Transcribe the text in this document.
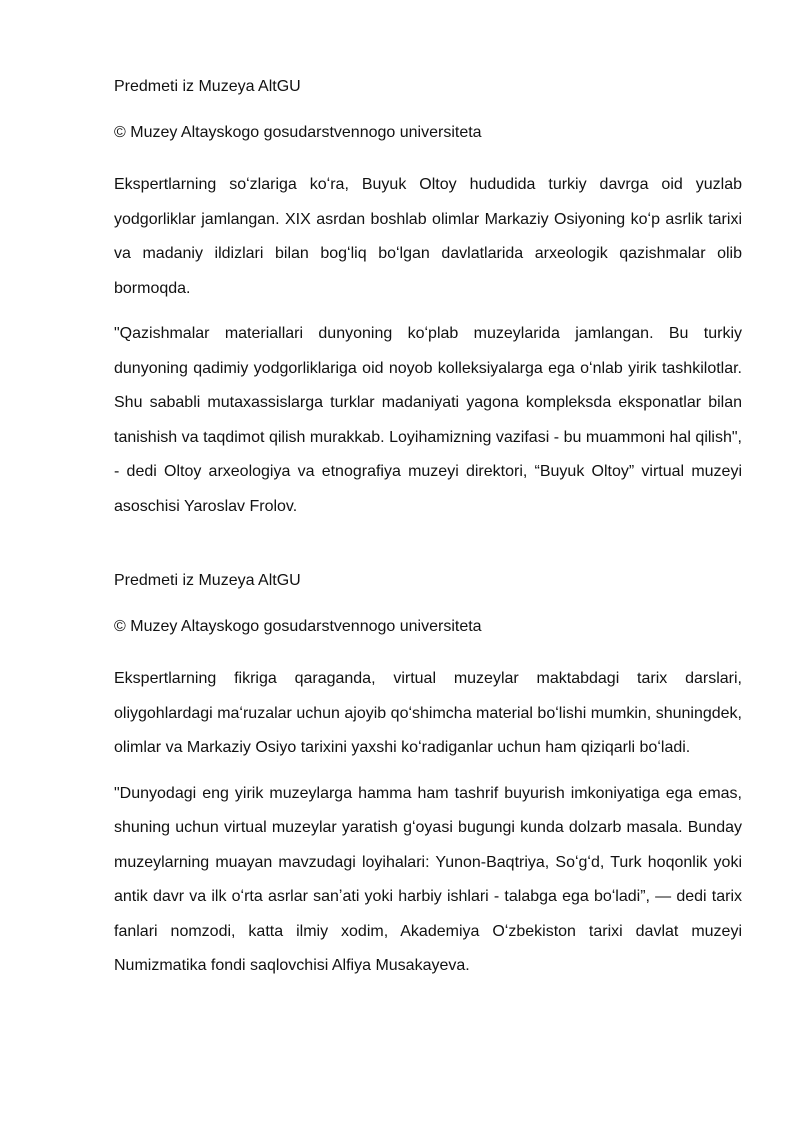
Predmeti iz Muzeya AltGU

© Muzey Altayskogo gosudarstvennogo universiteta

Ekspertlarning soʻzlariga koʻra, Buyuk Oltoy hududida turkiy davrga oid yuzlab yodgorliklar jamlangan. XIX asrdan boshlab olimlar Markaziy Osiyoning koʻp asrlik tarixi va madaniy ildizlari bilan bogʻliq boʻlgan davlatlarida arxeologik qazishmalar olib bormoqda.

"Qazishmalar materiallari dunyoning koʻplab muzeylarida jamlangan. Bu turkiy dunyoning qadimiy yodgorliklariga oid noyob kolleksiyalarga ega oʻnlab yirik tashkilotlar. Shu sababli mutaxassislarga turklar madaniyati yagona kompleksda eksponatlar bilan tanishish va taqdimot qilish murakkab. Loyihamizning vazifasi - bu muammoni hal qilish", - dedi Oltoy arxeologiya va etnografiya muzeyi direktori, “Buyuk Oltoy” virtual muzeyi asoschisi Yaroslav Frolov.

Predmeti iz Muzeya AltGU

© Muzey Altayskogo gosudarstvennogo universiteta

Ekspertlarning fikriga qaraganda, virtual muzeylar maktabdagi tarix darslari, oliygohlardagi maʻruzalar uchun ajoyib qoʻshimcha material boʻlishi mumkin, shuningdek, olimlar va Markaziy Osiyo tarixini yaxshi koʻradiganlar uchun ham qiziqarli boʻladi.

"Dunyodagi eng yirik muzeylarga hamma ham tashrif buyurish imkoniyatiga ega emas, shuning uchun virtual muzeylar yaratish gʻoyasi bugungi kunda dolzarb masala. Bunday muzeylarning muayan mavzudagi loyihalari: Yunon-Baqtriya, Soʻgʻd, Turk hoqonlik yoki antik davr va ilk oʻrta asrlar sanʼati yoki harbiy ishlari - talabga ega boʻladi”, — dedi tarix fanlari nomzodi, katta ilmiy xodim, Akademiya Oʻzbekiston tarixi davlat muzeyi Numizmatika fondi saqlovchisi Alfiya Musakayeva.
